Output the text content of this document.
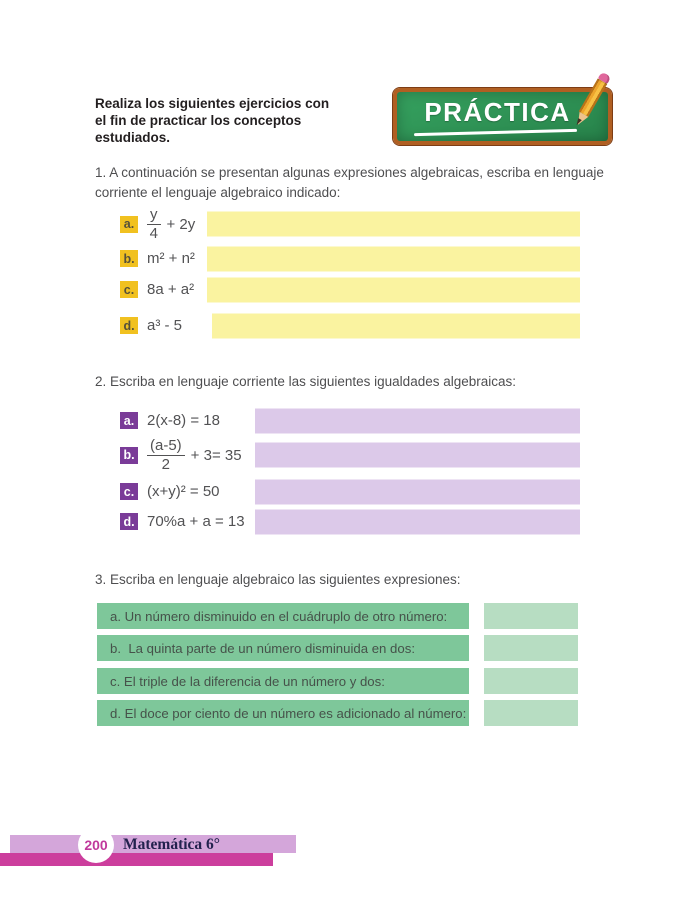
Realiza los siguientes ejercicios con el fin de practicar los conceptos estudiados.
PRÁCTICA
1. A continuación se presentan algunas expresiones algebraicas, escriba en lenguaje corriente el lenguaje algebraico indicado:
a. $\frac{y}{4} + 2y$
b. m² + n²
c. 8a + a²
d. a³ - 5
2. Escriba en lenguaje corriente las siguientes igualdades algebraicas:
a. 2(x-8) = 18
b. $\frac{(a-5)}{2} + 3= 35$
c. (x+y)² = 50
d. 70%a + a = 13
3. Escriba en lenguaje algebraico las siguientes expresiones:
a. Un número disminuido en el cuádruplo de otro número:
b.  La quinta parte de un número disminuida en dos:
c. El triple de la diferencia de un número y dos:
d. El doce por ciento de un número es adicionado al número:
200 Matemática 6°
